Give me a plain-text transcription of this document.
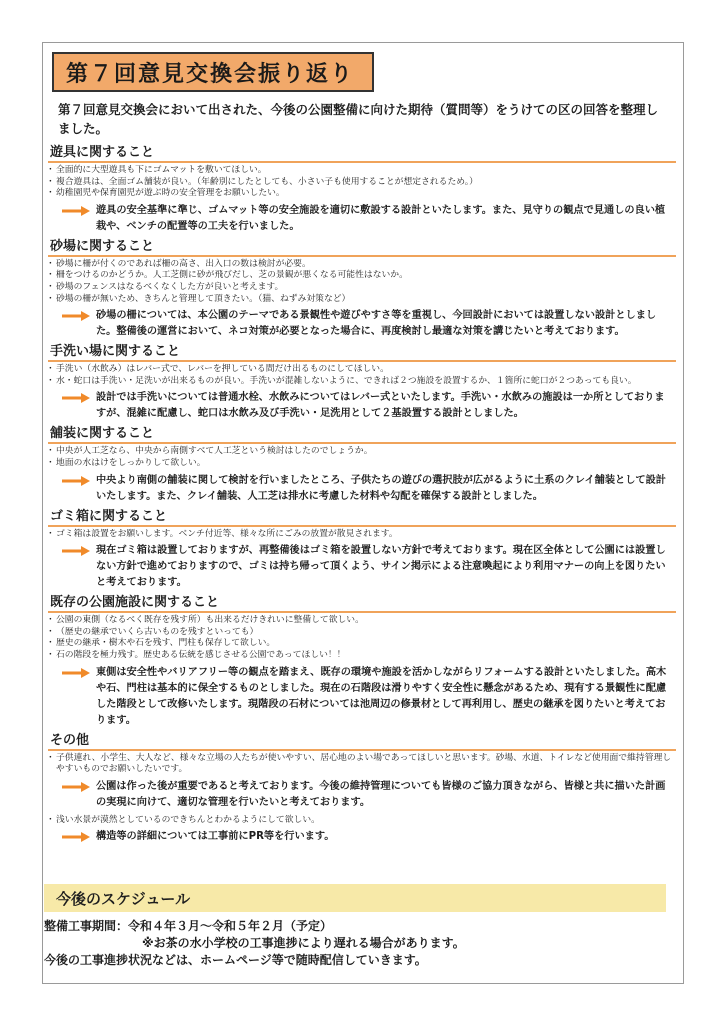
第７回意見交換会振り返り
第７回意見交換会において出された、今後の公園整備に向けた期待（質問等）をうけての区の回答を整理しました。
遊具に関すること
・ 全面的に大型遊具も下にゴムマットを敷いてほしい。
・ 複合遊具は、全面ゴム舗装が良い。（年齢別にしたとしても、小さい子も使用することが想定されるため。）
・ 幼稚園児や保育園児が遊ぶ時の安全管理をお願いしたい。
遊具の安全基準に準じ、ゴムマット等の安全施設を適切に敷設する設計といたします。また、見守りの観点で見通しの良い植栽や、ベンチの配置等の工夫を行いました。
砂場に関すること
・ 砂場に柵が付くのであれば柵の高さ、出入口の数は検討が必要。
・ 柵をつけるのかどうか。人工芝側に砂が飛びだし、芝の景観が悪くなる可能性はないか。
・ 砂場のフェンスはなるべくなくした方が良いと考えます。
・ 砂場の柵が無いため、きちんと管理して頂きたい。（猫、ねずみ対策など）
砂場の柵については、本公園のテーマである景観性や遊びやすさ等を重視し、今回設計においては設置しない設計としました。整備後の運営において、ネコ対策が必要となった場合に、再度検討し最適な対策を講じたいと考えております。
手洗い場に関すること
・ 手洗い（水飲み）はレバー式で、レバーを押している間だけ出るものにしてほしい。
・ 水・蛇口は手洗い・足洗いが出来るものが良い。手洗いが混雑しないように、できれば２つ施設を設置するか、１箇所に蛇口が２つあっても良い。
設計では手洗いについては普通水栓、水飲みについてはレバー式といたします。手洗い・水飲みの施設は一か所としておりますが、混雑に配慮し、蛇口は水飲み及び手洗い・足洗用として２基設置する設計としました。
舗装に関すること
・ 中央が人工芝なら、中央から南側すべて人工芝という検討はしたのでしょうか。
・ 地面の水はけをしっかりして欲しい。
中央より南側の舗装に関して検討を行いましたところ、子供たちの遊びの選択肢が広がるように土系のクレイ舗装として設計いたします。また、クレイ舗装、人工芝は排水に考慮した材料や勾配を確保する設計としました。
ゴミ箱に関すること
・ ゴミ箱は設置をお願いします。ベンチ付近等、様々な所にごみの放置が散見されます。
現在ゴミ箱は設置しておりますが、再整備後はゴミ箱を設置しない方針で考えております。現在区全体として公園には設置しない方針で進めておりますので、ゴミは持ち帰って頂くよう、サイン掲示による注意喚起により利用マナーの向上を図りたいと考えております。
既存の公園施設に関すること
・ 公園の東側（なるべく既存を残す所）も出来るだけきれいに整備して欲しい。
・ （歴史の継承でいくら古いものを残すといっても）
・ 歴史の継承・樹木や石を残す、門柱も保存して欲しい。
・ 石の階段を極力残す。歴史ある伝統を感じさせる公園であってほしい！！
東側は安全性やバリアフリー等の観点を踏まえ、既存の環境や施設を活かしながらリフォームする設計といたしました。高木や石、門柱は基本的に保全するものとしました。現在の石階段は滑りやすく安全性に懸念があるため、現有する景観性に配慮した階段として改修いたします。現階段の石材については池周辺の修景材として再利用し、歴史の継承を図りたいと考えております。
その他
・ 子供連れ、小学生、大人など、様々な立場の人たちが使いやすい、居心地のよい場であってほしいと思います。砂場、水道、トイレなど使用面で維持管理しやすいものでお願いしたいです。
公園は作った後が重要であると考えております。今後の維持管理についても皆様のご協力頂きながら、皆様と共に描いた計画の実現に向けて、適切な管理を行いたいと考えております。
・ 浅い水景が漠然としているのできちんとわかるようにして欲しい。
構造等の詳細については工事前にPR等を行います。
今後のスケジュール
整備工事期間：令和４年３月～令和５年２月（予定）
※お茶の水小学校の工事進捗により遅れる場合があります。
今後の工事進捗状況などは、ホームページ等で随時配信していきます。
